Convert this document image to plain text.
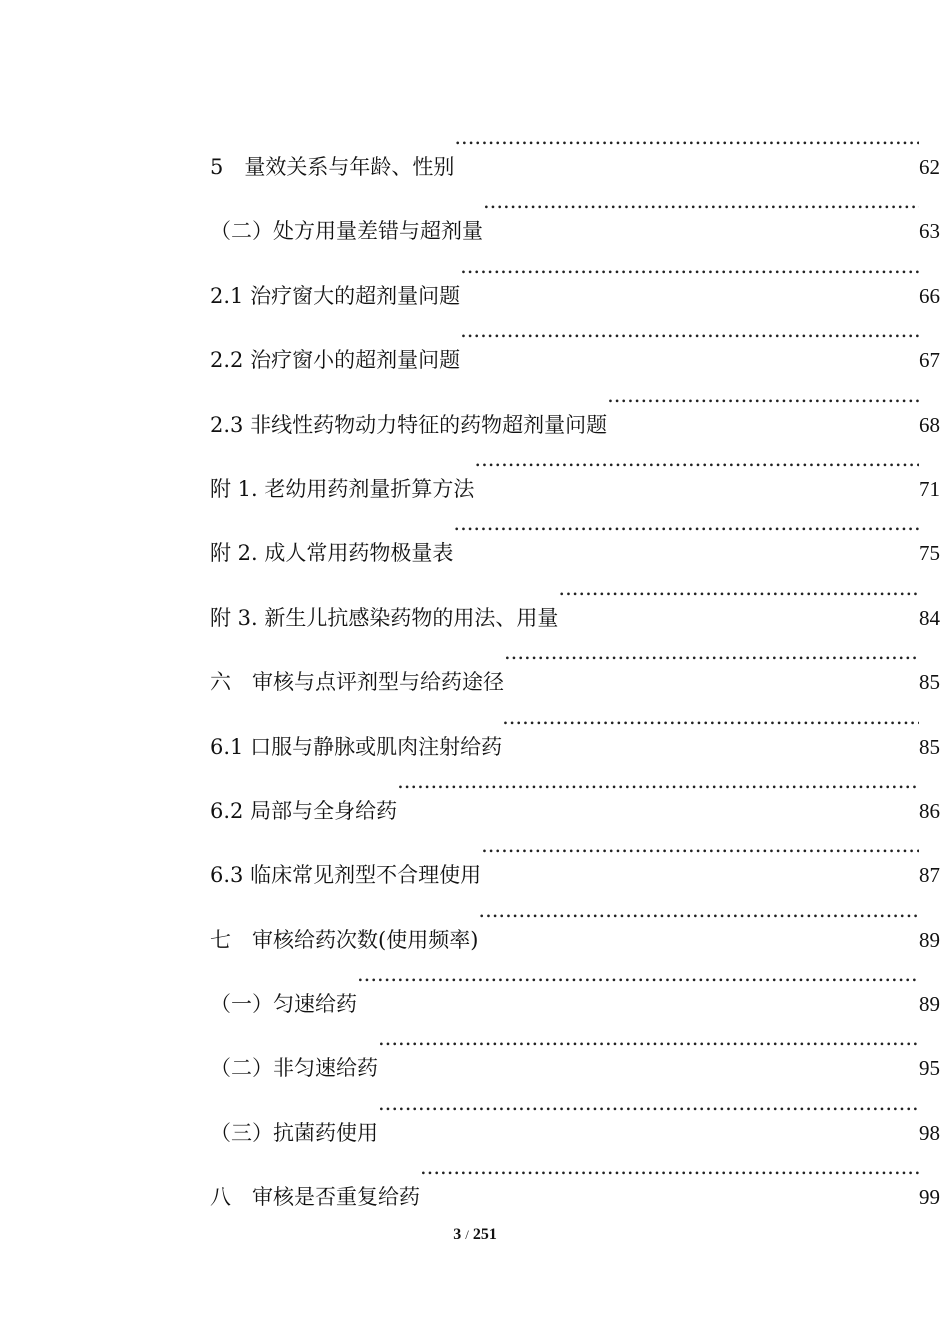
5　量效关系与年龄、性别 .....	62
（二）处方用量差错与超剂量 .....	63
2.1 治疗窗大的超剂量问题 .....	66
2.2 治疗窗小的超剂量问题 .....	67
2.3 非线性药物动力特征的药物超剂量问题 .....	68
附 1. 老幼用药剂量折算方法 .....	71
附 2. 成人常用药物极量表 .....	75
附 3. 新生儿抗感染药物的用法、用量 .....	84
六　审核与点评剂型与给药途径 .....	85
6.1 口服与静脉或肌肉注射给药 .....	85
6.2 局部与全身给药 .....	86
6.3 临床常见剂型不合理使用 .....	87
七　审核给药次数(使用频率) .....	89
（一）匀速给药 .....	89
（二）非匀速给药 .....	95
（三）抗菌药使用 .....	98
八　审核是否重复给药 .....	99
3 / 251
